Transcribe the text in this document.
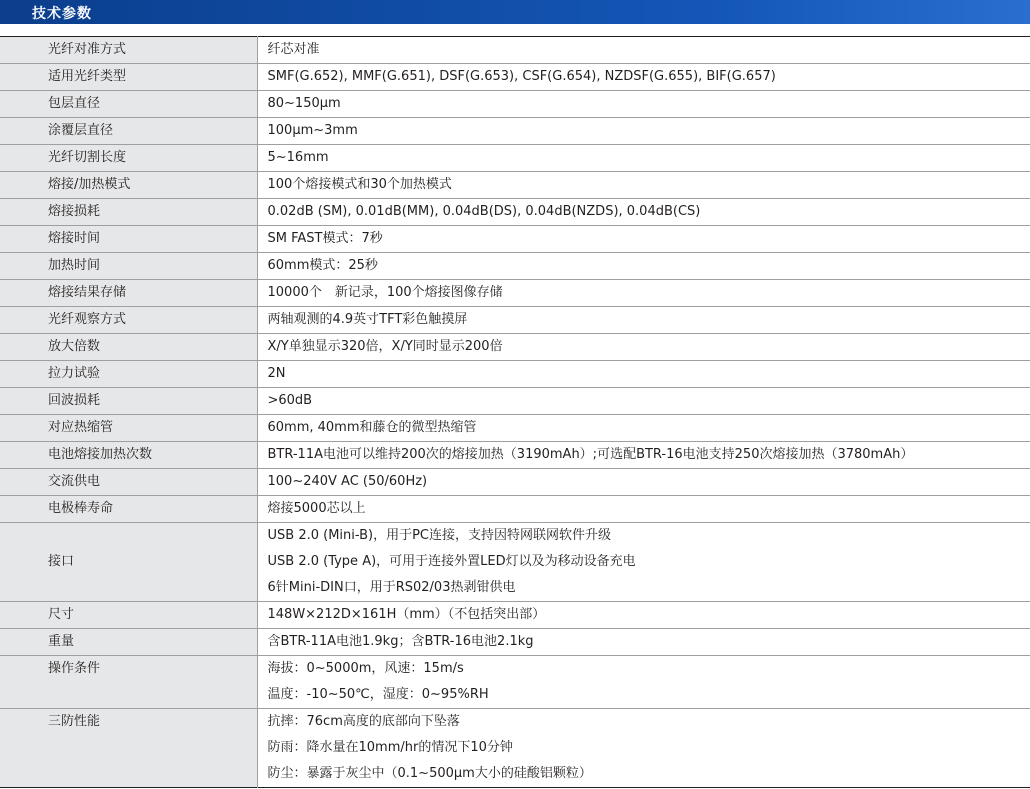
技术参数
光纤对准方式	纤芯对准

适用光纤类型	SMF(G.652), MMF(G.651), DSF(G.653), CSF(G.654), NZDSF(G.655), BIF(G.657)

包层直径	80~150μm

涂覆层直径	100μm~3mm

光纤切割长度	5~16mm

熔接/加热模式	100个熔接模式和30个加热模式

熔接损耗	0.02dB (SM), 0.01dB(MM), 0.04dB(DS), 0.04dB(NZDS), 0.04dB(CS)

熔接时间	SM FAST模式：7秒

加热时间	60mm模式：25秒

熔接结果存储	10000个　新记录，100个熔接图像存储

光纤观察方式	两轴观测的4.9英寸TFT彩色触摸屏

放大倍数	X/Y单独显示320倍，X/Y同时显示200倍

拉力试验	2N

回波损耗	>60dB

对应热缩管	60mm, 40mm和藤仓的微型热缩管

电池熔接加热次数	BTR-11A电池可以维持200次的熔接加热（3190mAh）;可选配BTR-16电池支持250次熔接加热（3780mAh）

交流供电	100~240V AC (50/60Hz)

电极棒寿命	熔接5000芯以上

接口	USB 2.0 (Mini-B)，用于PC连接，支持因特网联网软件升级
USB 2.0 (Type A)，可用于连接外置LED灯以及为移动设备充电
6针Mini-DIN口，用于RS02/03热剥钳供电

尺寸	148W×212D×161H（mm）（不包括突出部）

重量	含BTR-11A电池1.9kg；含BTR-16电池2.1kg

操作条件	海拔：0~5000m，风速：15m/s
温度：-10~50℃，湿度：0~95%RH

三防性能	抗摔：76cm高度的底部向下坠落
防雨：降水量在10mm/hr的情况下10分钟
防尘：暴露于灰尘中（0.1~500μm大小的硅酸铝颗粒）
